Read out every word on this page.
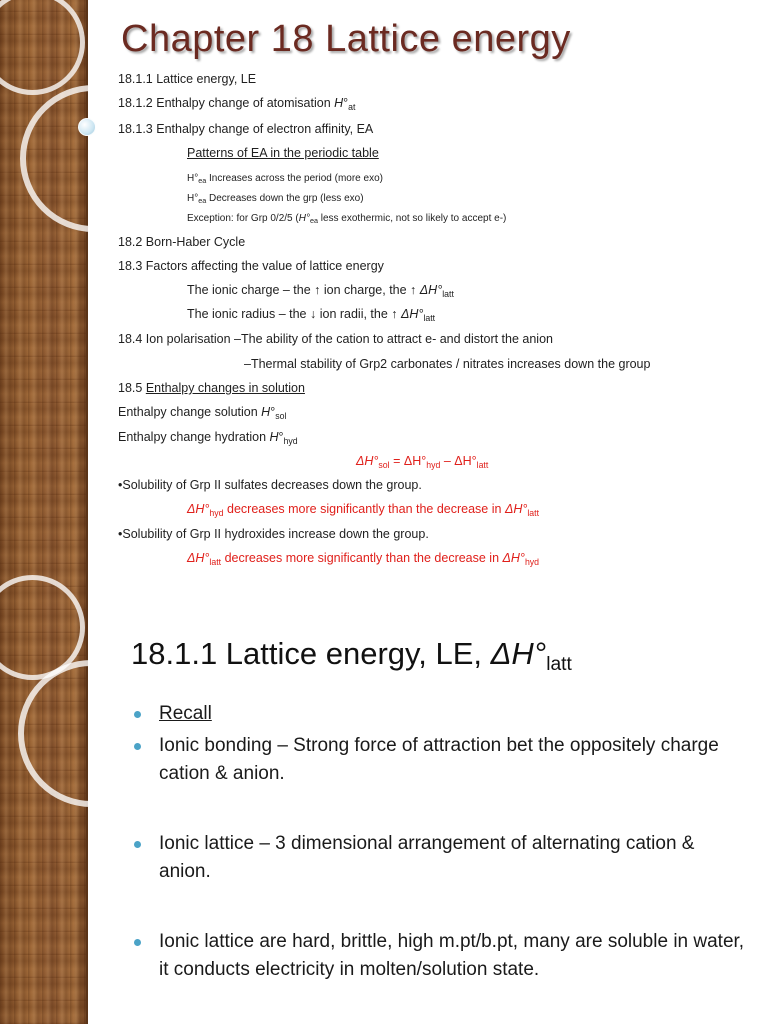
Chapter 18 Lattice energy
18.1.1 Lattice energy, LE
18.1.2 Enthalpy change of atomisation $H^\circ_{at}$
18.1.3 Enthalpy change of electron affinity, EA
Patterns of EA in the periodic table
$H^\circ_{ea}$ Increases across the period (more exo)
$H^\circ_{ea}$ Decreases down the grp (less exo)
Exception: for Grp 0/2/5 ($H^\circ_{ea}$ less exothermic, not so likely to accept e-)
18.2 Born-Haber Cycle
18.3 Factors affecting the value of lattice energy
The ionic charge – the ↑ ion charge, the ↑ $\Delta H^\circ_{latt}$
The ionic radius – the ↓ ion radii, the ↑ $\Delta H^\circ_{latt}$
18.4 Ion polarisation –The ability of the cation to attract e- and distort the anion
–Thermal stability of Grp2 carbonates / nitrates increases down the group
18.5 Enthalpy changes in solution
Enthalpy change solution $H^\circ_{sol}$
Enthalpy change hydration $H^\circ_{hyd}$
$\Delta H^\circ_{sol} = \Delta H^\circ_{hyd} - \Delta H^\circ_{latt}$
•Solubility of Grp II sulfates decreases down the group.
$\Delta H^\circ_{hyd}$ decreases more significantly than the decrease in $\Delta H^\circ_{latt}$
•Solubility of Grp II hydroxides increase down the group.
$\Delta H^\circ_{latt}$ decreases more significantly than the decrease in $\Delta H^\circ_{hyd}$
18.1.1 Lattice energy, LE, $\Delta H^\circ_{latt}$
Recall
Ionic bonding – Strong force of attraction bet the oppositely charge cation & anion.
Ionic lattice – 3 dimensional arrangement of alternating cation & anion.
Ionic lattice are hard, brittle, high m.pt/b.pt, many are soluble in water, it conducts electricity in molten/solution state.
